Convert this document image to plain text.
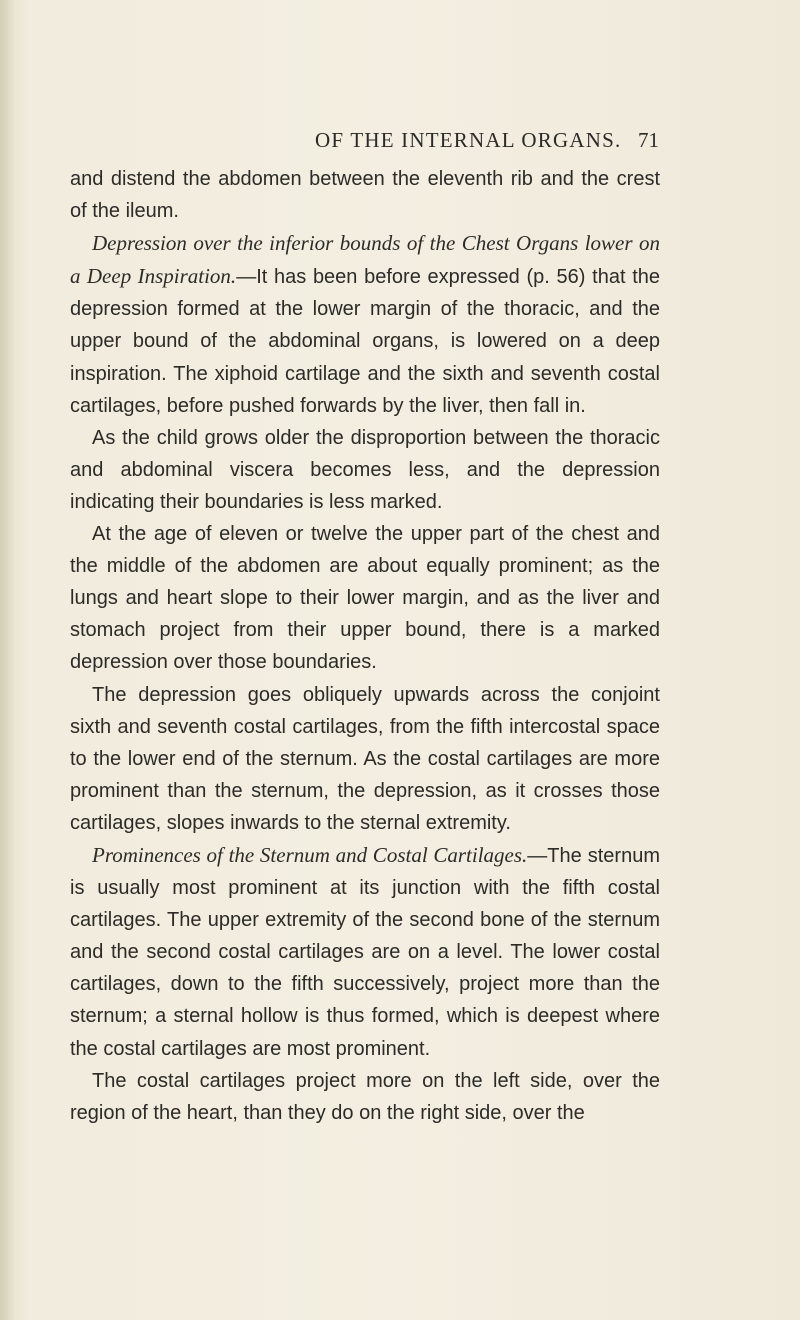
OF THE INTERNAL ORGANS. 71

and distend the abdomen between the eleventh rib and the crest of the ileum.

Depression over the inferior bounds of the Chest Organs lower on a Deep Inspiration.—It has been before expressed (p. 56) that the depression formed at the lower margin of the thoracic, and the upper bound of the abdominal organs, is lowered on a deep inspiration. The xiphoid cartilage and the sixth and seventh costal cartilages, before pushed forwards by the liver, then fall in.

As the child grows older the disproportion between the thoracic and abdominal viscera becomes less, and the depression indicating their boundaries is less marked.

At the age of eleven or twelve the upper part of the chest and the middle of the abdomen are about equally prominent; as the lungs and heart slope to their lower margin, and as the liver and stomach project from their upper bound, there is a marked depression over those boundaries.

The depression goes obliquely upwards across the conjoint sixth and seventh costal cartilages, from the fifth intercostal space to the lower end of the sternum. As the costal cartilages are more prominent than the sternum, the depression, as it crosses those cartilages, slopes inwards to the sternal extremity.

Prominences of the Sternum and Costal Cartilages.—The sternum is usually most prominent at its junction with the fifth costal cartilages. The upper extremity of the second bone of the sternum and the second costal cartilages are on a level. The lower costal cartilages, down to the fifth successively, project more than the sternum; a sternal hollow is thus formed, which is deepest where the costal cartilages are most prominent.

The costal cartilages project more on the left side, over the region of the heart, than they do on the right side, over the
